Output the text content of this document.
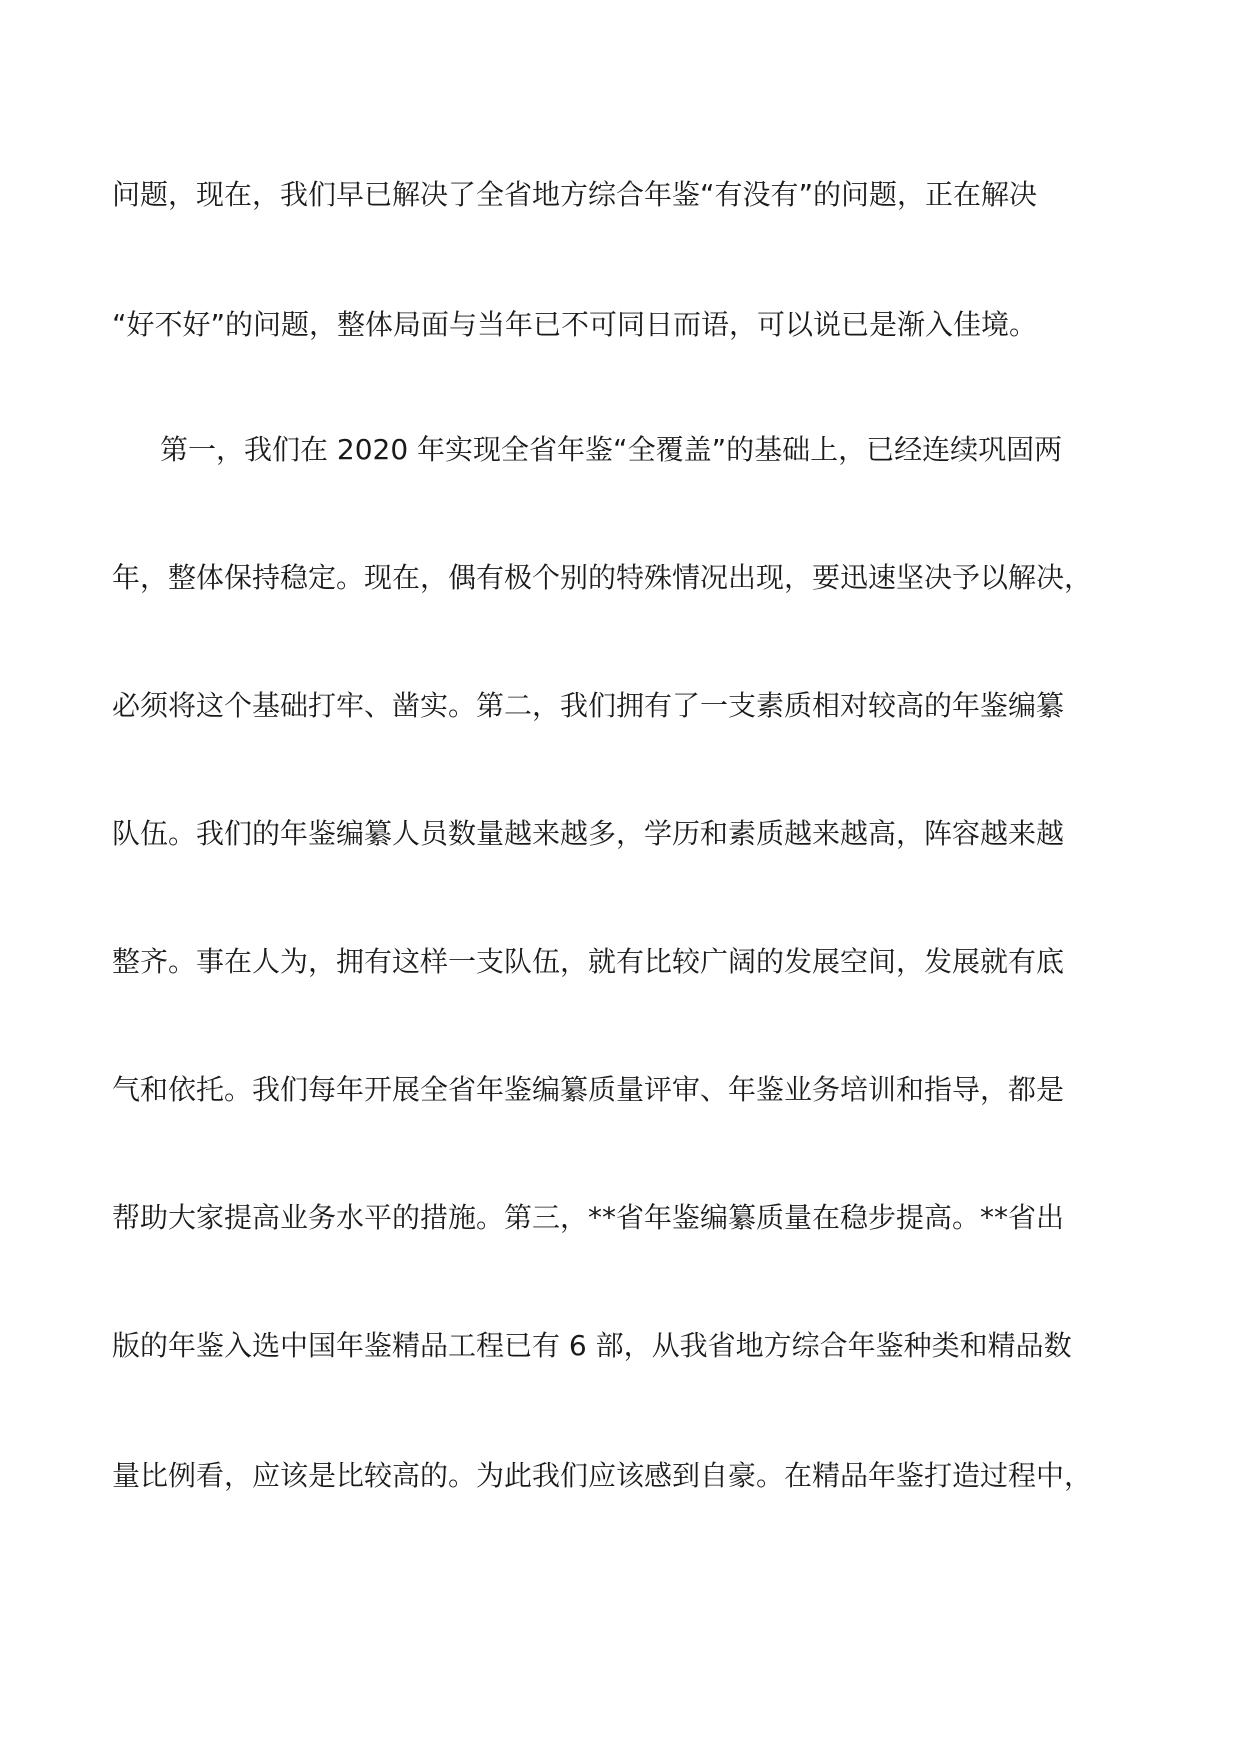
问题，现在，我们早已解决了全省地方综合年鉴“有没有”的问题，正在解决
“好不好”的问题，整体局面与当年已不可同日而语，可以说已是渐入佳境。
第一，我们在 2020 年实现全省年鉴“全覆盖”的基础上，已经连续巩固两
年，整体保持稳定。现在，偶有极个别的特殊情况出现，要迅速坚决予以解决，
必须将这个基础打牢、凿实。第二，我们拥有了一支素质相对较高的年鉴编纂
队伍。我们的年鉴编纂人员数量越来越多，学历和素质越来越高，阵容越来越
整齐。事在人为，拥有这样一支队伍，就有比较广阔的发展空间，发展就有底
气和依托。我们每年开展全省年鉴编纂质量评审、年鉴业务培训和指导，都是
帮助大家提高业务水平的措施。第三，**省年鉴编纂质量在稳步提高。**省出
版的年鉴入选中国年鉴精品工程已有 6 部，从我省地方综合年鉴种类和精品数
量比例看，应该是比较高的。为此我们应该感到自豪。在精品年鉴打造过程中，
